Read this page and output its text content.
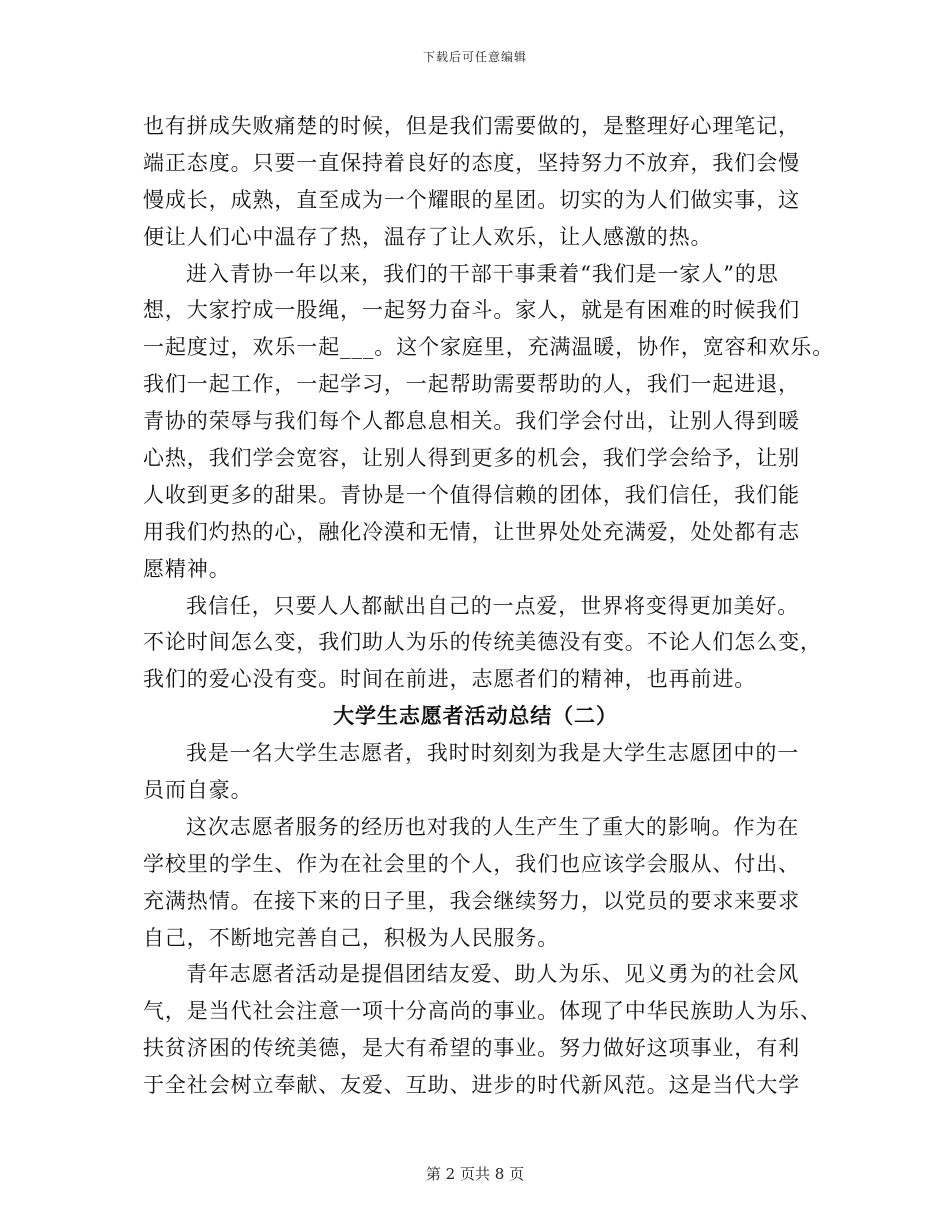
下载后可任意编辑
也有拼成失败痛楚的时候，但是我们需要做的，是整理好心理笔记，
端正态度。只要一直保持着良好的态度，坚持努力不放弃，我们会慢
慢成长，成熟，直至成为一个耀眼的星团。切实的为人们做实事，这
便让人们心中温存了热，温存了让人欢乐，让人感激的热。
进入青协一年以来，我们的干部干事秉着“我们是一家人”的思
想，大家拧成一股绳，一起努力奋斗。家人，就是有困难的时候我们
一起度过，欢乐一起___。这个家庭里，充满温暖，协作，宽容和欢乐。
我们一起工作，一起学习，一起帮助需要帮助的人，我们一起进退，
青协的荣辱与我们每个人都息息相关。我们学会付出，让别人得到暖
心热，我们学会宽容，让别人得到更多的机会，我们学会给予，让别
人收到更多的甜果。青协是一个值得信赖的团体，我们信任，我们能
用我们灼热的心，融化冷漠和无情，让世界处处充满爱，处处都有志
愿精神。
我信任，只要人人都献出自己的一点爱，世界将变得更加美好。
不论时间怎么变，我们助人为乐的传统美德没有变。不论人们怎么变，
我们的爱心没有变。时间在前进，志愿者们的精神，也再前进。
大学生志愿者活动总结（二）
我是一名大学生志愿者，我时时刻刻为我是大学生志愿团中的一
员而自豪。
这次志愿者服务的经历也对我的人生产生了重大的影响。作为在
学校里的学生、作为在社会里的个人，我们也应该学会服从、付出、
充满热情。在接下来的日子里，我会继续努力，以党员的要求来要求
自己，不断地完善自己，积极为人民服务。
青年志愿者活动是提倡团结友爱、助人为乐、见义勇为的社会风
气，是当代社会注意一项十分高尚的事业。体现了中华民族助人为乐、
扶贫济困的传统美德，是大有希望的事业。努力做好这项事业，有利
于全社会树立奉献、友爱、互助、进步的时代新风范。这是当代大学
第 2 页共 8 页
